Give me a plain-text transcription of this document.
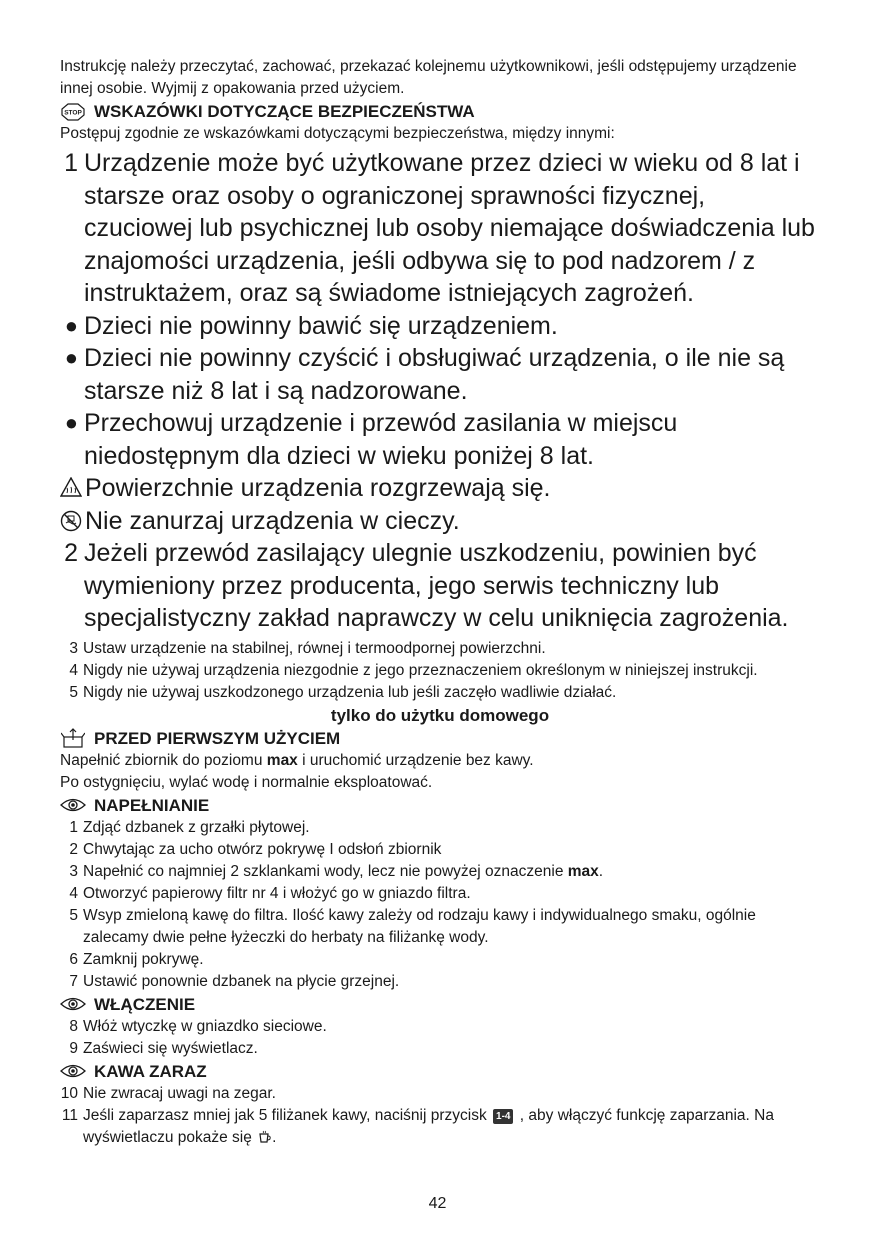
Instrukcję należy przeczytać, zachować, przekazać kolejnemu użytkownikowi, jeśli odstępujemy urządzenie innej osobie. Wyjmij z opakowania przed użyciem.

STOP WSKAZÓWKI DOTYCZĄCE BEZPIECZEŃSTWA
Postępuj zgodnie ze wskazówkami dotyczącymi bezpieczeństwa, między innymi:
1 Urządzenie może być użytkowane przez dzieci w wieku od 8 lat i starsze oraz osoby o ograniczonej sprawności fizycznej, czuciowej lub psychicznej lub osoby niemające doświadczenia lub znajomości urządzenia, jeśli odbywa się to pod nadzorem / z instruktażem, oraz są świadome istniejących zagrożeń.
● Dzieci nie powinny bawić się urządzeniem.
● Dzieci nie powinny czyścić i obsługiwać urządzenia, o ile nie są starsze niż 8 lat i są nadzorowane.
● Przechowuj urządzenie i przewód zasilania w miejscu niedostępnym dla dzieci w wieku poniżej 8 lat.
Powierzchnie urządzenia rozgrzewają się.
Nie zanurzaj urządzenia w cieczy.
2 Jeżeli przewód zasilający ulegnie uszkodzeniu, powinien być wymieniony przez producenta, jego serwis techniczny lub specjalistyczny zakład naprawczy w celu uniknięcia zagrożenia.
3 Ustaw urządzenie na stabilnej, równej i termoodpornej powierzchni.
4 Nigdy nie używaj urządzenia niezgodnie z jego przeznaczeniem określonym w niniejszej instrukcji.
5 Nigdy nie używaj uszkodzonego urządzenia lub jeśli zaczęło wadliwie działać.
tylko do użytku domowego
PRZED PIERWSZYM UŻYCIEM
Napełnić zbiornik do poziomu max i uruchomić urządzenie bez kawy.
Po ostygnięciu, wylać wodę i normalnie eksploatować.
NAPEŁNIANIE
1 Zdjąć dzbanek z grzałki płytowej.
2 Chwytając za ucho otwórz pokrywę I odsłoń zbiornik
3 Napełnić co najmniej 2 szklankami wody, lecz nie powyżej oznaczenie max.
4 Otworzyć papierowy filtr nr 4 i włożyć go w gniazdo filtra.
5 Wsyp zmieloną kawę do filtra. Ilość kawy zależy od rodzaju kawy i indywidualnego smaku, ogólnie zalecamy dwie pełne łyżeczki do herbaty na filiżankę wody.
6 Zamknij pokrywę.
7 Ustawić ponownie dzbanek na płycie grzejnej.
WŁĄCZENIE
8 Włóż wtyczkę w gniazdko sieciowe.
9 Zaświeci się wyświetlacz.
KAWA ZARAZ
10 Nie zwracaj uwagi na zegar.
11 Jeśli zaparzasz mniej jak 5 filiżanek kawy, naciśnij przycisk 1-4 , aby włączyć funkcję zaparzania. Na wyświetlaczu pokaże się .
42
